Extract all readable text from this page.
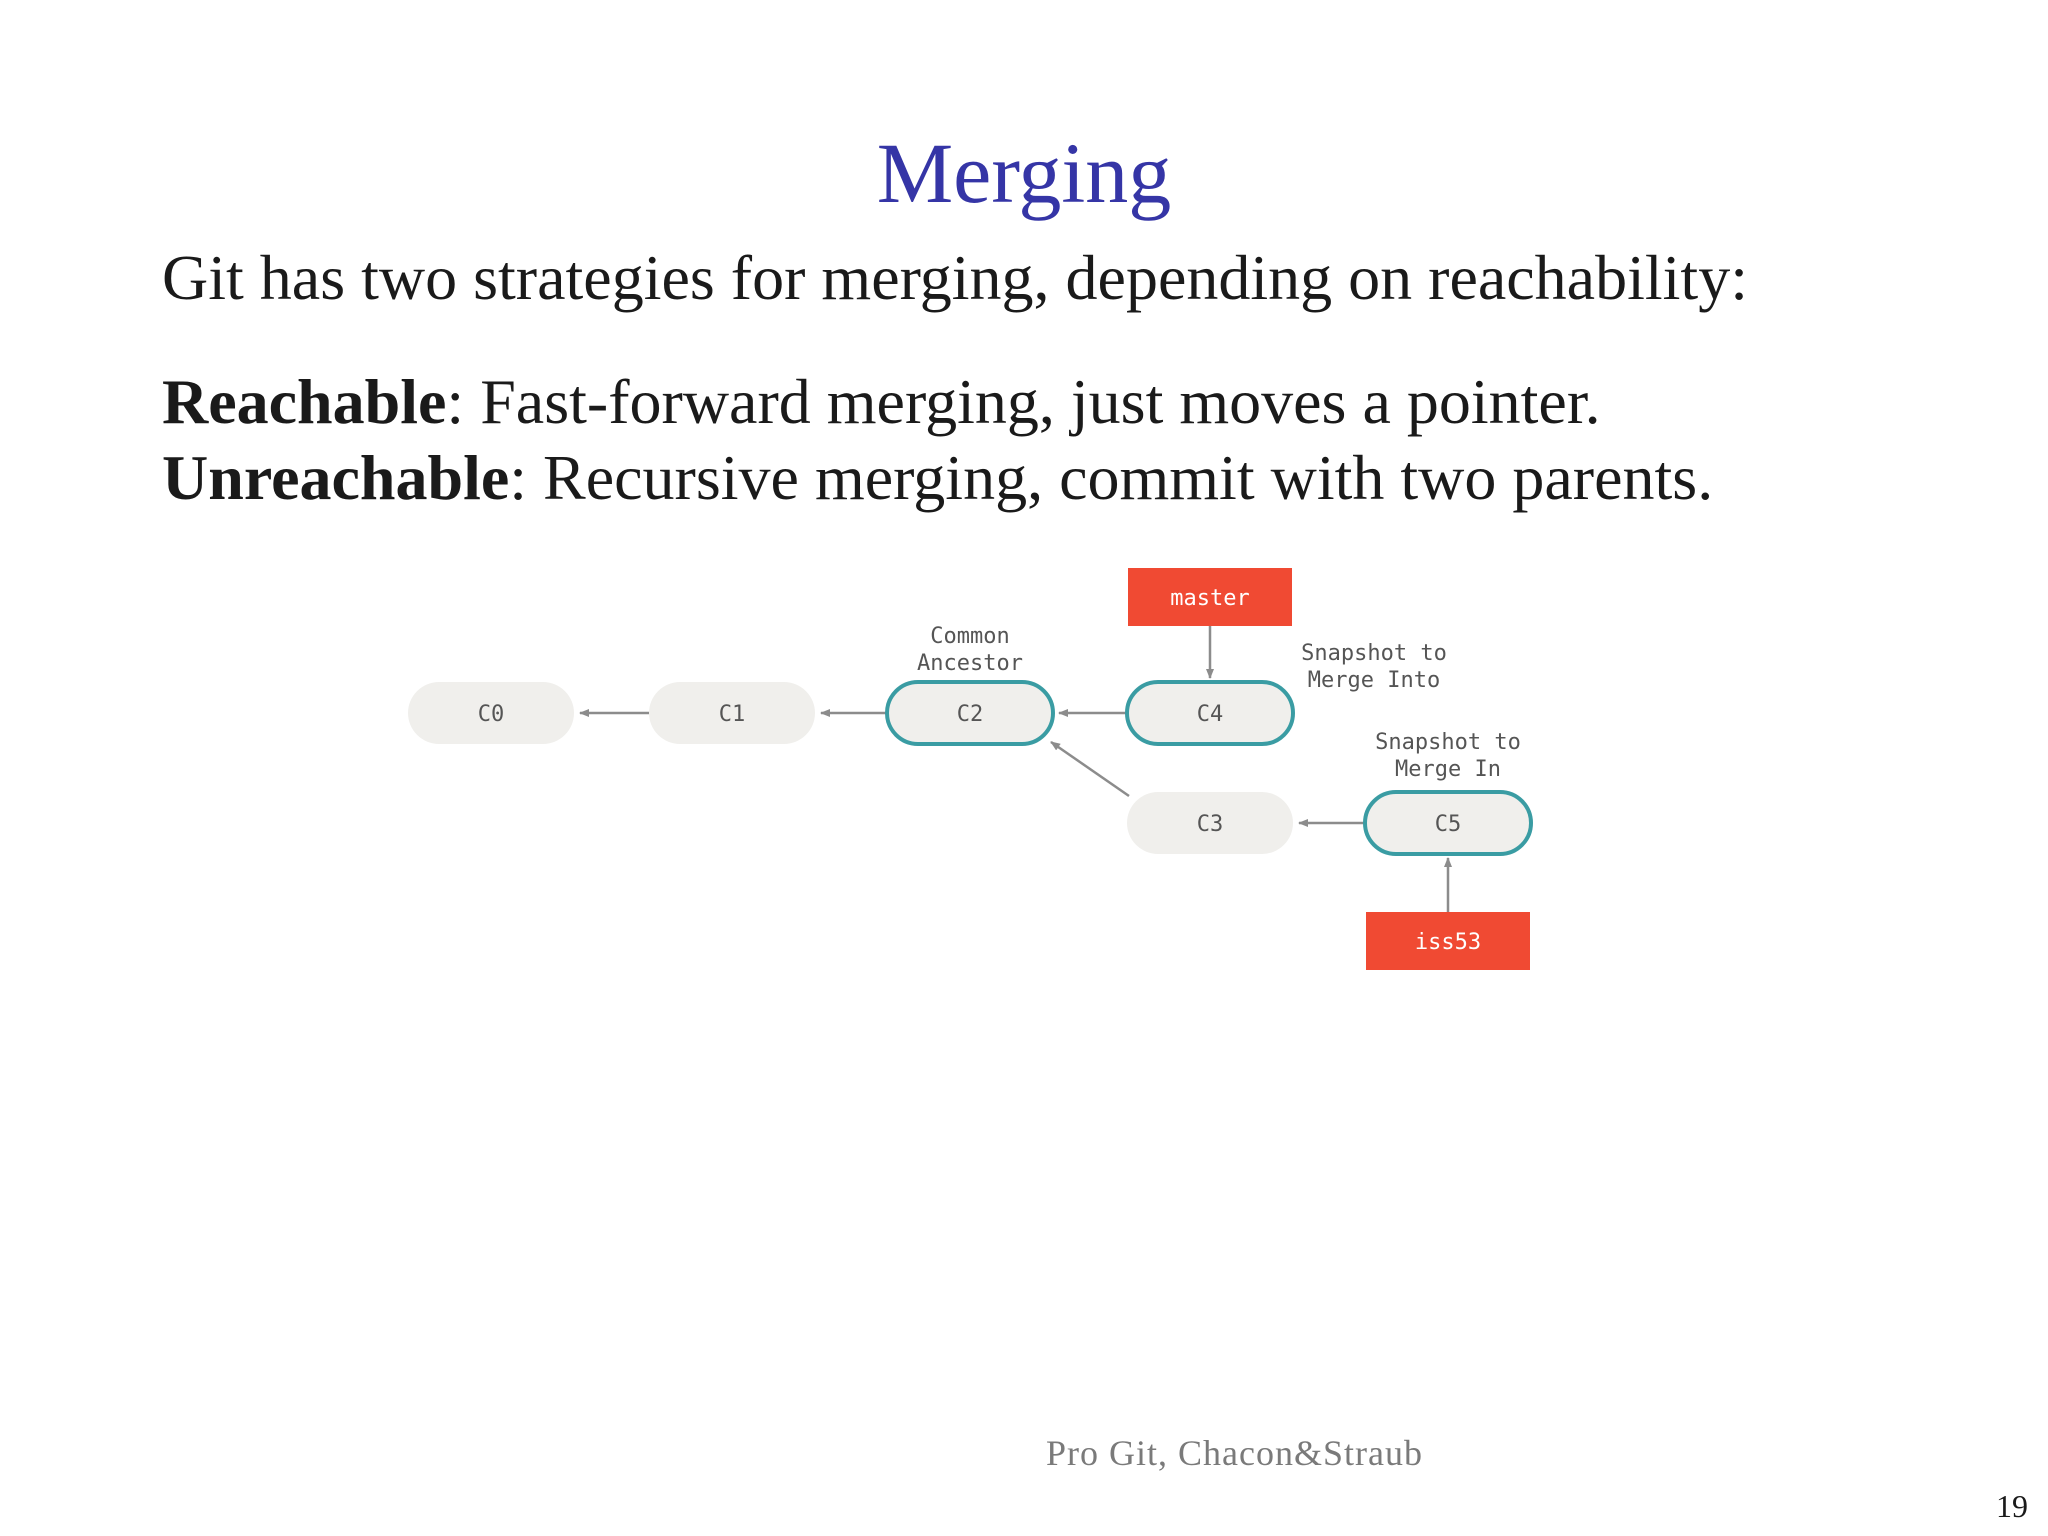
Merging
Git has two strategies for merging, depending on reachability:
Reachable: Fast-forward merging, just moves a pointer.
Unreachable: Recursive merging, commit with two parents.
C0	C1	C2	C4
C3	C5
master
iss53
Common Ancestor	Snapshot to Merge Into
Snapshot to Merge In
Pro Git, Chacon&Straub
19
